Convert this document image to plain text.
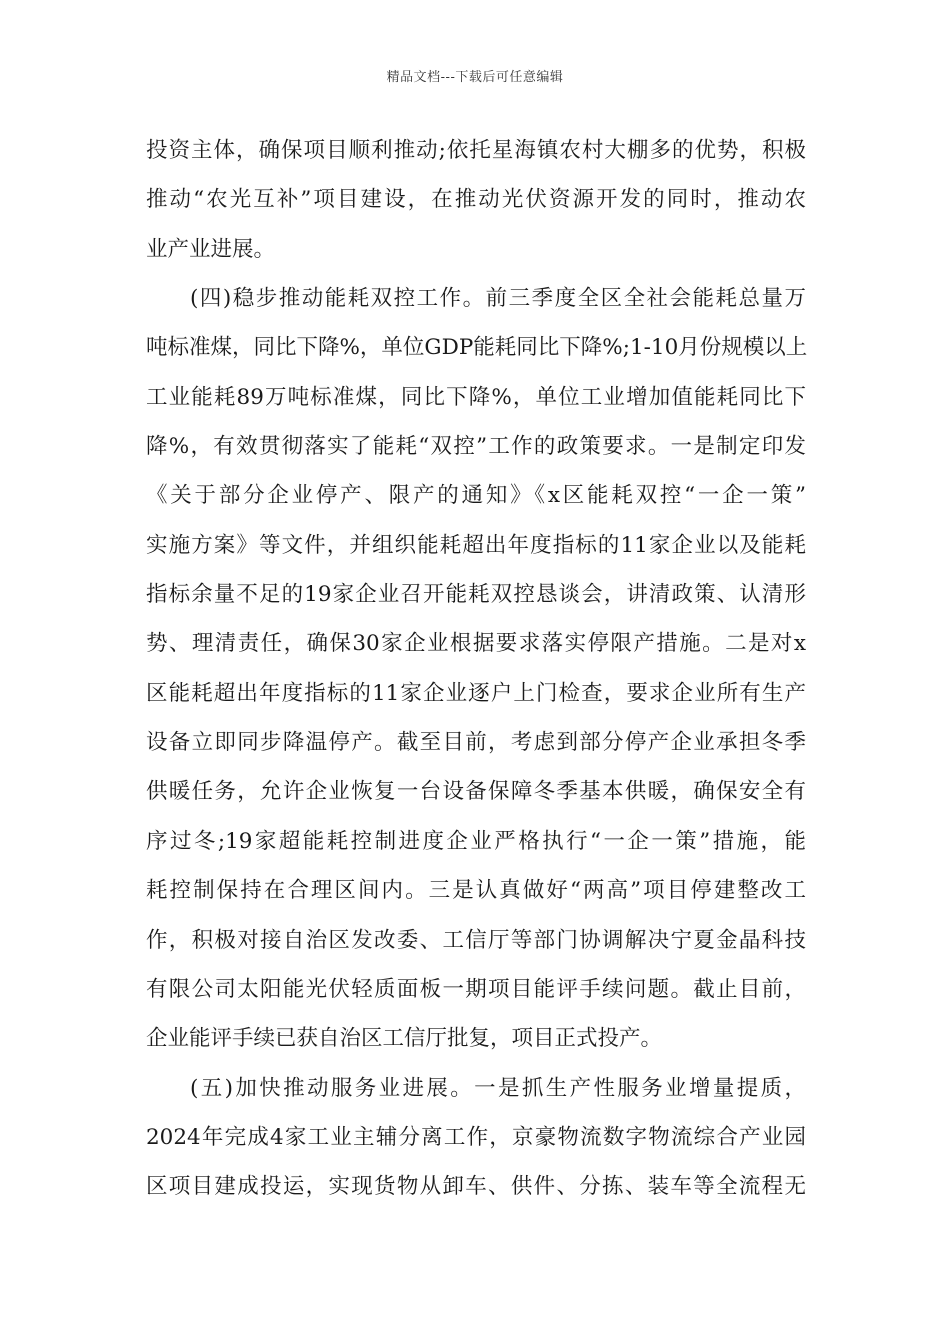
精品文档---下载后可任意编辑
投资主体，确保项目顺利推动;依托星海镇农村大棚多的优势，积极
推动“农光互补”项目建设，在推动光伏资源开发的同时，推动农
业产业进展。
(四)稳步推动能耗双控工作。前三季度全区全社会能耗总量万
吨标准煤，同比下降%，单位GDP能耗同比下降%;1-10月份规模以上
工业能耗89万吨标准煤，同比下降%，单位工业增加值能耗同比下
降%，有效贯彻落实了能耗“双控”工作的政策要求。一是制定印发
《关于部分企业停产、限产的通知》《x区能耗双控“一企一策”
实施方案》等文件，并组织能耗超出年度指标的11家企业以及能耗
指标余量不足的19家企业召开能耗双控恳谈会，讲清政策、认清形
势、理清责任，确保30家企业根据要求落实停限产措施。二是对x
区能耗超出年度指标的11家企业逐户上门检查，要求企业所有生产
设备立即同步降温停产。截至目前，考虑到部分停产企业承担冬季
供暖任务，允许企业恢复一台设备保障冬季基本供暖，确保安全有
序过冬;19家超能耗控制进度企业严格执行“一企一策”措施，能
耗控制保持在合理区间内。三是认真做好“两高”项目停建整改工
作，积极对接自治区发改委、工信厅等部门协调解决宁夏金晶科技
有限公司太阳能光伏轻质面板一期项目能评手续问题。截止目前，
企业能评手续已获自治区工信厅批复，项目正式投产。
(五)加快推动服务业进展。一是抓生产性服务业增量提质，
2024年完成4家工业主辅分离工作，京豪物流数字物流综合产业园
区项目建成投运，实现货物从卸车、供件、分拣、装车等全流程无
